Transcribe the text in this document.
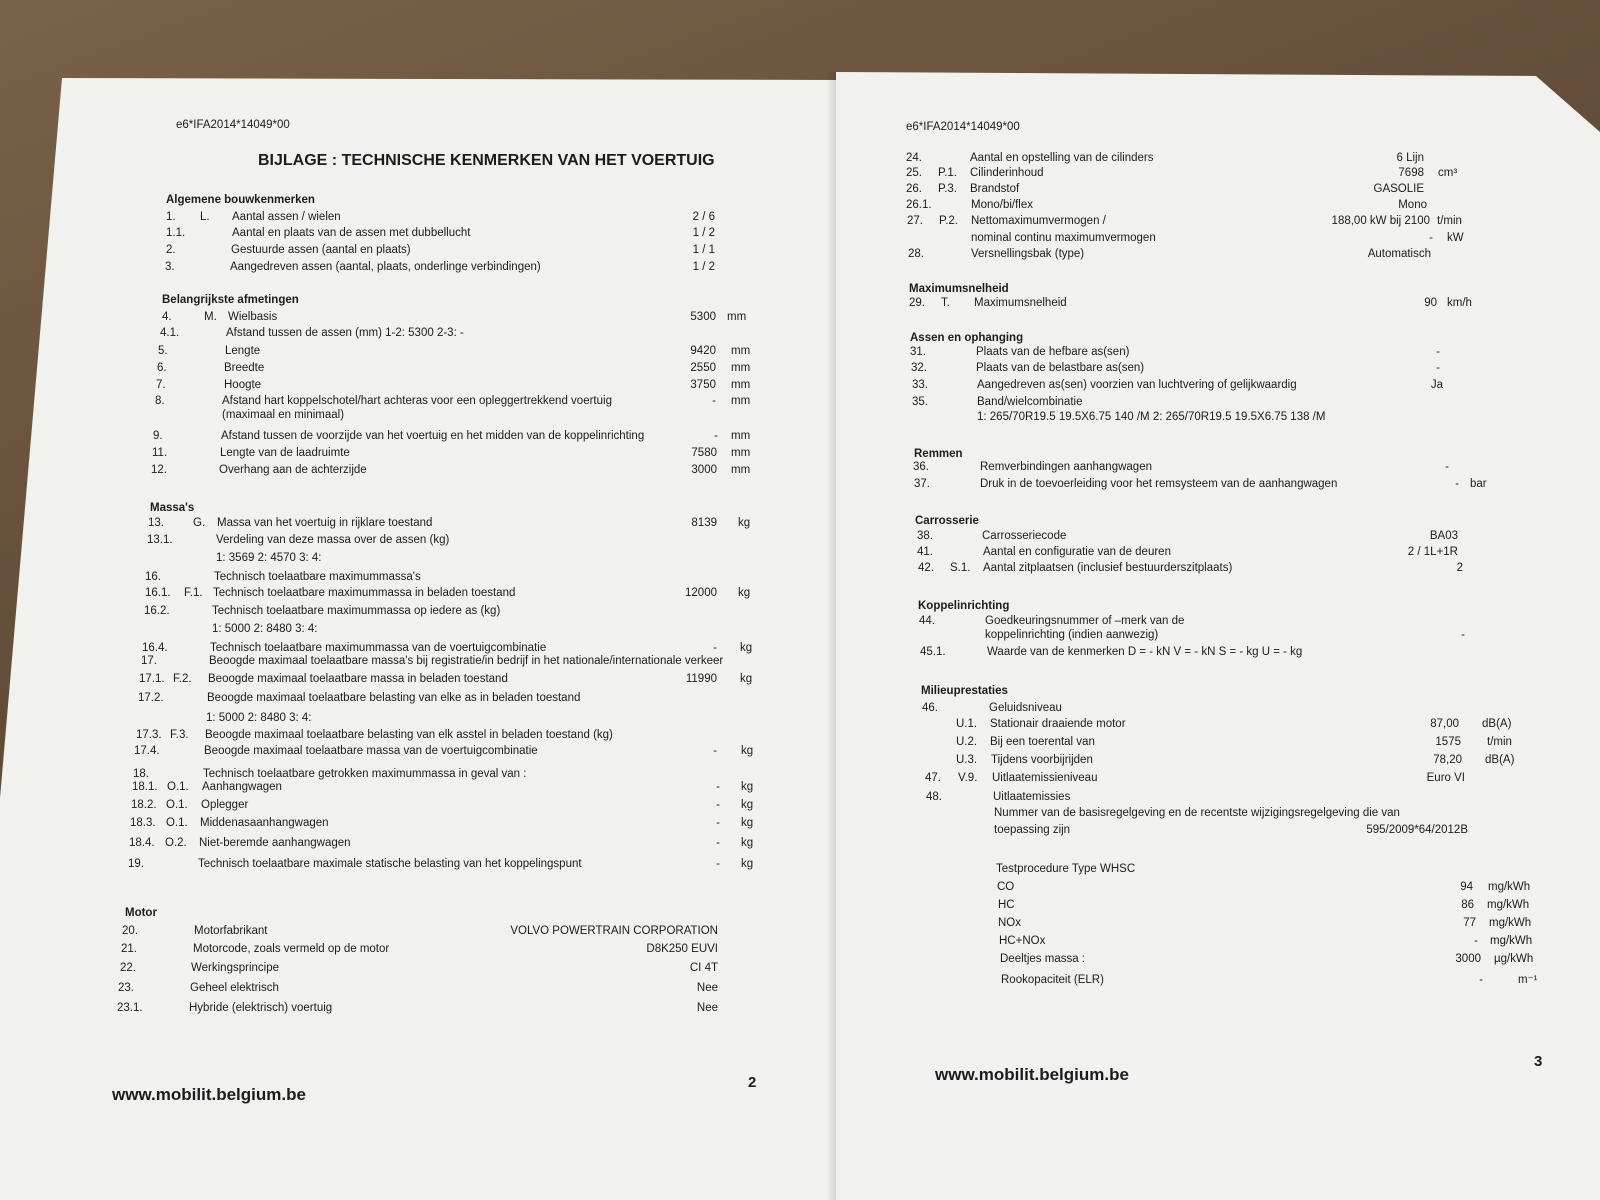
e6*IFA2014*14049*00
BIJLAGE : TECHNISCHE KENMERKEN VAN HET VOERTUIG
Algemene bouwkenmerken
Belangrijkste afmetingen
Massa's
Motor
www.mobilit.belgium.be
2
1. L. Aantal assen / wielen	2 / 6
1.1.	Aantal en plaats van de assen met dubbellucht	1 / 2
2.	Gestuurde assen (aantal en plaats)	1 / 1
3.	Aangedreven assen (aantal, plaats, onderlinge verbindingen)	1 / 2
4.	M. Wielbasis	5300 mm
4.1.	Afstand tussen de assen (mm) 1-2: 5300 2-3: -
5.	Lengte	9420 mm
6.	Breedte	2550 mm
7.	Hoogte	3750 mm
8.	Afstand hart koppelschotel/hart achteras voor een opleggertrekkend voertuig	- mm
(maximaal en minimaal)
9.	Afstand tussen de voorzijde van het voertuig en het midden van de koppelinrichting	- mm
11.	Lengte van de laadruimte	7580 mm
12.	Overhang aan de achterzijde	3000 mm
13.	G. Massa van het voertuig in rijklare toestand	8139 kg
13.1.	Verdeling van deze massa over de assen (kg)
1: 3569 2: 4570 3: 4:
16.	Technisch toelaatbare maximummassa's
16.1. F.1. Technisch toelaatbare maximummassa in beladen toestand	12000 kg
16.2.	Technisch toelaatbare maximummassa op iedere as (kg)
1: 5000 2: 8480 3: 4:
16.4.	Technisch toelaatbare maximummassa van de voertuigcombinatie	- kg
17.	Beoogde maximaal toelaatbare massa's bij registratie/in bedrijf in het nationale/internationale verkeer
17.1. F.2. Beoogde maximaal toelaatbare massa in beladen toestand	11990 kg
17.2.	Beoogde maximaal toelaatbare belasting van elke as in beladen toestand
1: 5000 2: 8480 3: 4:
17.3. F.3. Beoogde maximaal toelaatbare belasting van elk asstel in beladen toestand (kg)
17.4.	Beoogde maximaal toelaatbare massa van de voertuigcombinatie	- kg
18.	Technisch toelaatbare getrokken maximummassa in geval van :
18.1. O.1. Aanhangwagen	- kg
18.2. O.1. Oplegger	- kg
18.3. O.1. Middenasaanhangwagen	- kg
18.4. O.2. Niet-beremde aanhangwagen	- kg
19.	Technisch toelaatbare maximale statische belasting van het koppelingspunt	- kg
20.	Motorfabrikant	VOLVO POWERTRAIN CORPORATION
21.	Motorcode, zoals vermeld op de motor	D8K250 EUVI
22.	Werkingsprincipe	CI 4T
23.	Geheel elektrisch	Nee
23.1.	Hybride (elektrisch) voertuig	Nee
e6*IFA2014*14049*00
Maximumsnelheid
Assen en ophanging
Remmen
Carrosserie
Koppelinrichting
Milieuprestaties
www.mobilit.belgium.be
3
24.	Aantal en opstelling van de cilinders	6 Lijn
25. P.1. Cilinderinhoud	7698 cm³
26. P.3. Brandstof	GASOLIE
26.1.	Mono/bi/flex	Mono
27. P.2. Nettomaximumvermogen /	188,00 kW bij 2100 t/min
nominal continu maximumvermogen	- kW
28.	Versnellingsbak (type)	Automatisch
29. T. Maximumsnelheid	90 km/h
31.	Plaats van de hefbare as(sen)	-
32.	Plaats van de belastbare as(sen)	-
33.	Aangedreven as(sen) voorzien van luchtvering of gelijkwaardig	Ja
35.	Band/wielcombinatie
1: 265/70R19.5 19.5X6.75 140 /M 2: 265/70R19.5 19.5X6.75 138 /M
36.	Remverbindingen aanhangwagen	-
37.	Druk in de toevoerleiding voor het remsysteem van de aanhangwagen	- bar
38.	Carrosseriecode	BA03
41.	Aantal en configuratie van de deuren	2 / 1L+1R
42. S.1. Aantal zitplaatsen (inclusief bestuurderszitplaats)	2
44.	Goedkeuringsnummer of –merk van de
koppelinrichting (indien aanwezig)	-
45.1.	Waarde van de kenmerken D = - kN V = - kN S = - kg U = - kg
46.	Geluidsniveau
U.1. Stationair draaiende motor	87,00 dB(A)
U.2. Bij een toerental van	1575 t/min
U.3. Tijdens voorbijrijden	78,20 dB(A)
47. V.9. Uitlaatemissieniveau	Euro VI
48.	Uitlaatemissies
Nummer van de basisregelgeving en de recentste wijzigingsregelgeving die van
toepassing zijn	595/2009*64/2012B
Testprocedure Type WHSC
CO	94 mg/kWh
HC	86 mg/kWh
NOx	77 mg/kWh
HC+NOx	- mg/kWh
Deeltjes massa :	3000 µg/kWh
Rookopaciteit (ELR)	-	m⁻¹
